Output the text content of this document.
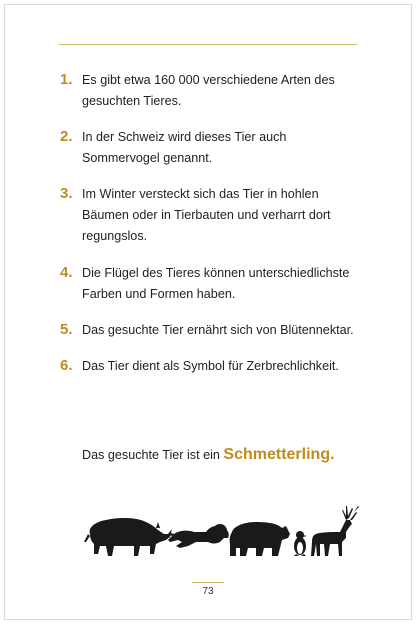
1. Es gibt etwa 160 000 verschiedene Arten des gesuchten Tieres.
2. In der Schweiz wird dieses Tier auch Sommervogel genannt.
3. Im Winter versteckt sich das Tier in hohlen Bäumen oder in Tierbauten und verharrt dort regungslos.
4. Die Flügel des Tieres können unterschiedlichste Farben und Formen haben.
5. Das gesuchte Tier ernährt sich von Blütennektar.
6. Das Tier dient als Symbol für Zerbrechlichkeit.
Das gesuchte Tier ist ein Schmetterling.
73
